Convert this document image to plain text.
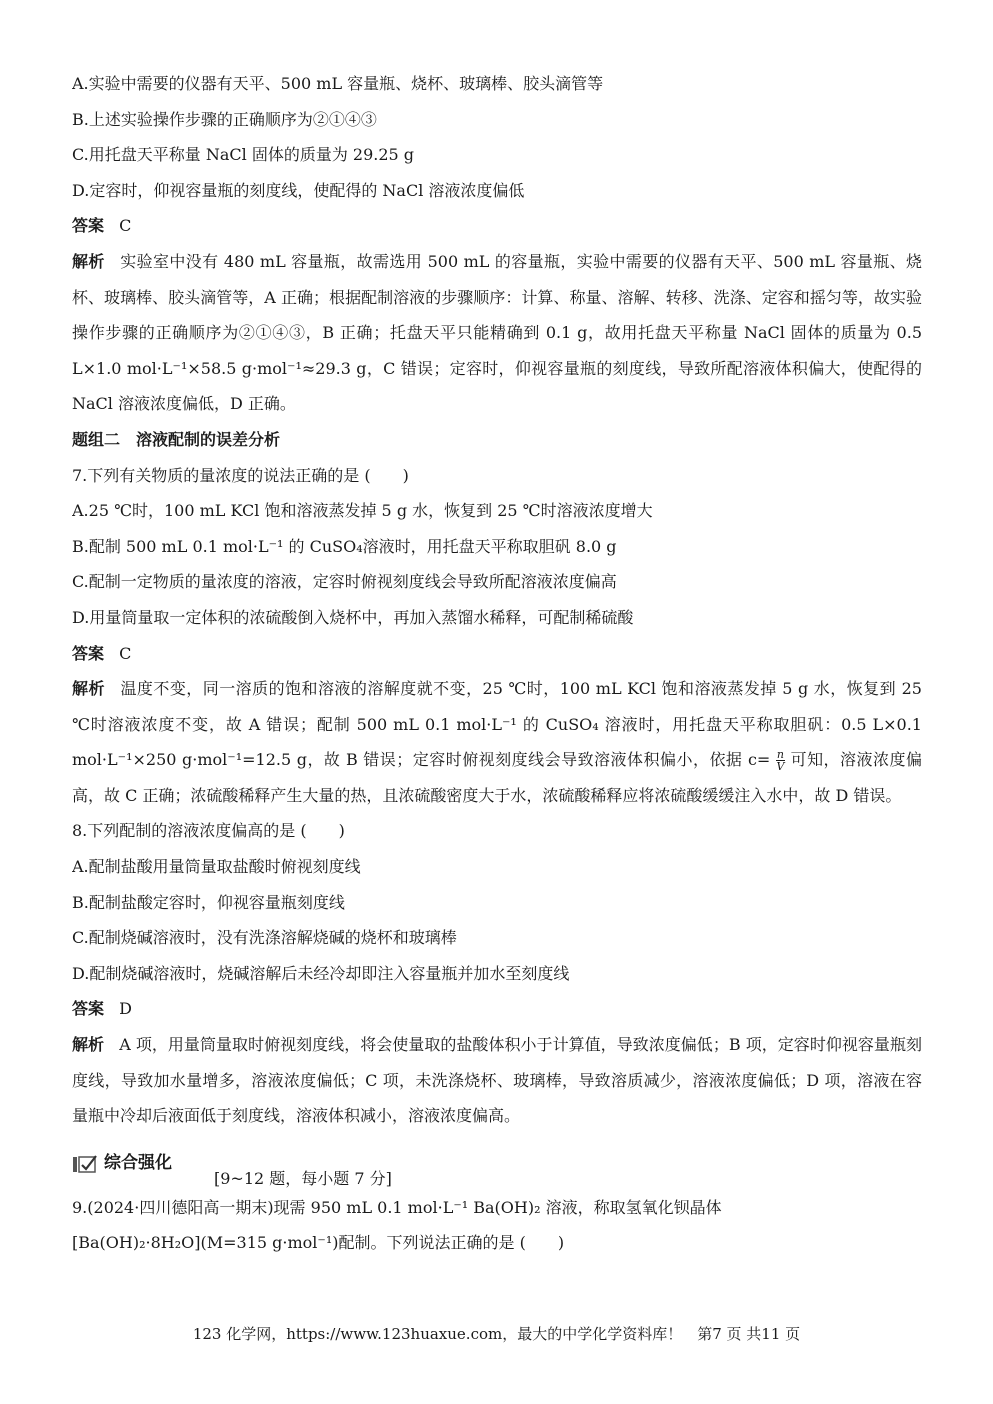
A.实验中需要的仪器有天平、500 mL 容量瓶、烧杯、玻璃棒、胶头滴管等
B.上述实验操作步骤的正确顺序为②①④③
C.用托盘天平称量 NaCl 固体的质量为 29.25 g
D.定容时，仰视容量瓶的刻度线，使配得的 NaCl 溶液浓度偏低
答案 C
解析 实验室中没有 480 mL 容量瓶，故需选用 500 mL 的容量瓶，实验中需要的仪器有天平、500 mL 容量瓶、烧杯、玻璃棒、胶头滴管等，A 正确；根据配制溶液的步骤顺序：计算、称量、溶解、转移、洗涤、定容和摇匀等，故实验操作步骤的正确顺序为②①④③，B 正确；托盘天平只能精确到 0.1 g，故用托盘天平称量 NaCl 固体的质量为 0.5 L×1.0 mol·L⁻¹×58.5 g·mol⁻¹≈29.3 g，C 错误；定容时，仰视容量瓶的刻度线，导致所配溶液体积偏大，使配得的 NaCl 溶液浓度偏低，D 正确。
题组二　溶液配制的误差分析
7.下列有关物质的量浓度的说法正确的是 (　　)
A.25 ℃时，100 mL KCl 饱和溶液蒸发掉 5 g 水，恢复到 25 ℃时溶液浓度增大
B.配制 500 mL 0.1 mol·L⁻¹ 的 CuSO₄溶液时，用托盘天平称取胆矾 8.0 g
C.配制一定物质的量浓度的溶液，定容时俯视刻度线会导致所配溶液浓度偏高
D.用量筒量取一定体积的浓硫酸倒入烧杯中，再加入蒸馏水稀释，可配制稀硫酸
答案 C
解析 温度不变，同一溶质的饱和溶液的溶解度就不变，25 ℃时，100 mL KCl 饱和溶液蒸发掉 5 g 水，恢复到 25 ℃时溶液浓度不变，故 A 错误；配制 500 mL 0.1 mol·L⁻¹ 的 CuSO₄ 溶液时，用托盘天平称取胆矾：0.5 L×0.1 mol·L⁻¹×250 g·mol⁻¹=12.5 g，故 B 错误；定容时俯视刻度线会导致溶液体积偏小，依据 $c= \frac{n}{V}$ 可知，溶液浓度偏高，故 C 正确；浓硫酸稀释产生大量的热，且浓硫酸密度大于水，浓硫酸稀释应将浓硫酸缓缓注入水中，故 D 错误。
8.下列配制的溶液浓度偏高的是 (　　)
A.配制盐酸用量筒量取盐酸时俯视刻度线
B.配制盐酸定容时，仰视容量瓶刻度线
C.配制烧碱溶液时，没有洗涤溶解烧碱的烧杯和玻璃棒
D.配制烧碱溶液时，烧碱溶解后未经冷却即注入容量瓶并加水至刻度线
答案 D
解析 A 项，用量筒量取时俯视刻度线，将会使量取的盐酸体积小于计算值，导致浓度偏低；B 项，定容时仰视容量瓶刻度线，导致加水量增多，溶液浓度偏低；C 项，未洗涤烧杯、玻璃棒，导致溶质减少，溶液浓度偏低；D 项，溶液在容量瓶中冷却后液面低于刻度线，溶液体积减小，溶液浓度偏高。
综合强化
[9~12 题，每小题 7 分]
9.(2024·四川德阳高一期末)现需 950 mL 0.1 mol·L⁻¹ Ba(OH)₂ 溶液，称取氢氧化钡晶体
[Ba(OH)₂·8H₂O](M=315 g·mol⁻¹)配制。下列说法正确的是 (　　)
123 化学网，https://www.123huaxue.com，最大的中学化学资料库！　第7 页 共11 页
